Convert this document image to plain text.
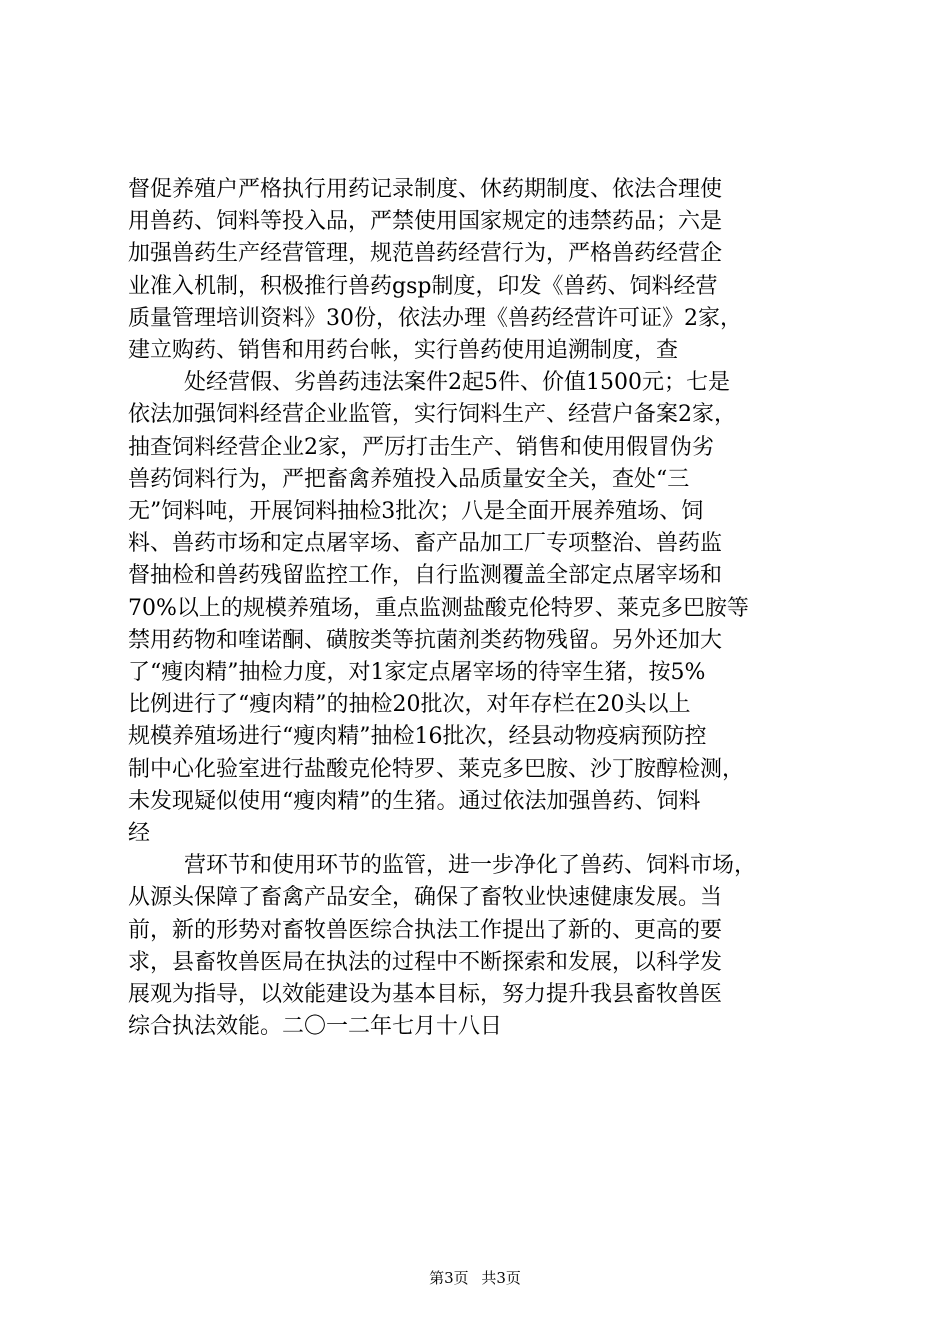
督促养殖户严格执行用药记录制度、休药期制度、依法合理使
用兽药、饲料等投入品，严禁使用国家规定的违禁药品；六是
加强兽药生产经营管理，规范兽药经营行为，严格兽药经营企
业准入机制，积极推行兽药gsp制度，印发《兽药、饲料经营
质量管理培训资料》30份，依法办理《兽药经营许可证》2家，
建立购药、销售和用药台帐，实行兽药使用追溯制度，查
处经营假、劣兽药违法案件2起5件、价值1500元；七是
依法加强饲料经营企业监管，实行饲料生产、经营户备案2家，
抽查饲料经营企业2家，严厉打击生产、销售和使用假冒伪劣
兽药饲料行为，严把畜禽养殖投入品质量安全关，查处“三
无”饲料吨，开展饲料抽检3批次；八是全面开展养殖场、饲
料、兽药市场和定点屠宰场、畜产品加工厂专项整治、兽药监
督抽检和兽药残留监控工作，自行监测覆盖全部定点屠宰场和
70%以上的规模养殖场，重点监测盐酸克伦特罗、莱克多巴胺等
禁用药物和喹诺酮、磺胺类等抗菌剂类药物残留。另外还加大
了“瘦肉精”抽检力度，对1家定点屠宰场的待宰生猪，按5%
比例进行了“瘦肉精”的抽检20批次，对年存栏在20头以上
规模养殖场进行“瘦肉精”抽检16批次，经县动物疫病预防控
制中心化验室进行盐酸克伦特罗、莱克多巴胺、沙丁胺醇检测，
未发现疑似使用“瘦肉精”的生猪。通过依法加强兽药、饲料
经
营环节和使用环节的监管，进一步净化了兽药、饲料市场，
从源头保障了畜禽产品安全，确保了畜牧业快速健康发展。当
前，新的形势对畜牧兽医综合执法工作提出了新的、更高的要
求，县畜牧兽医局在执法的过程中不断探索和发展，以科学发
展观为指导，以效能建设为基本目标，努力提升我县畜牧兽医
综合执法效能。二〇一二年七月十八日
第3页 共3页
